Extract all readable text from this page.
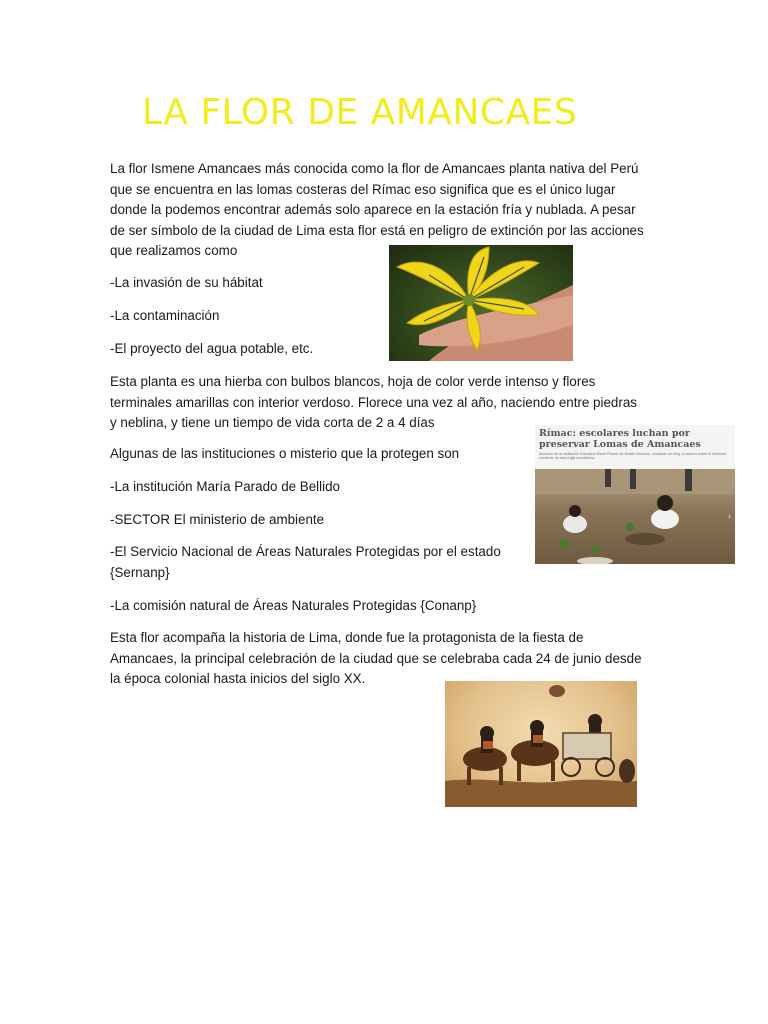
LA FLOR DE AMANCAES

La flor Ismene Amancaes más conocida como la flor de Amancaes planta nativa del Perú que se encuentra en las lomas costeras del Rímac eso significa que es el único lugar donde la podemos encontrar además solo aparece en la estación fría y nublada. A pesar de ser símbolo de la ciudad de Lima esta flor está en peligro de extinción por las acciones que realizamos como

-La invasión de su hábitat

-La contaminación

-El proyecto del agua potable, etc.

Esta planta es una hierba con bulbos blancos, hoja de color verde intenso y flores terminales amarillas con interior verdoso. Florece una vez al año, naciendo entre piedras y neblina, y tiene un tiempo de vida corta de 2 a 4 días

Algunas de las instituciones o misterio que la protegen son

-La institución María Parado de Bellido

-SECTOR El ministerio de ambiente

-El Servicio Nacional de Áreas Naturales Protegidas por el estado {Sernanp}

-La comisión natural de Áreas Naturales Protegidas {Conanp}

Esta flor acompaña la historia de Lima, donde fue la protagonista de la fiesta de Amancaes, la principal celebración de la ciudad que se celebraba cada 24 de junio desde la época colonial hasta inicios del siglo XX.

Rímac: escolares luchan por preservar Lomas de Amancaes
Alumnos de la Institución Educativa María Parado de Bellido informan, mediante un blog, el avance sobre el deterioro creciente de esta frágil ecosistema.
›
